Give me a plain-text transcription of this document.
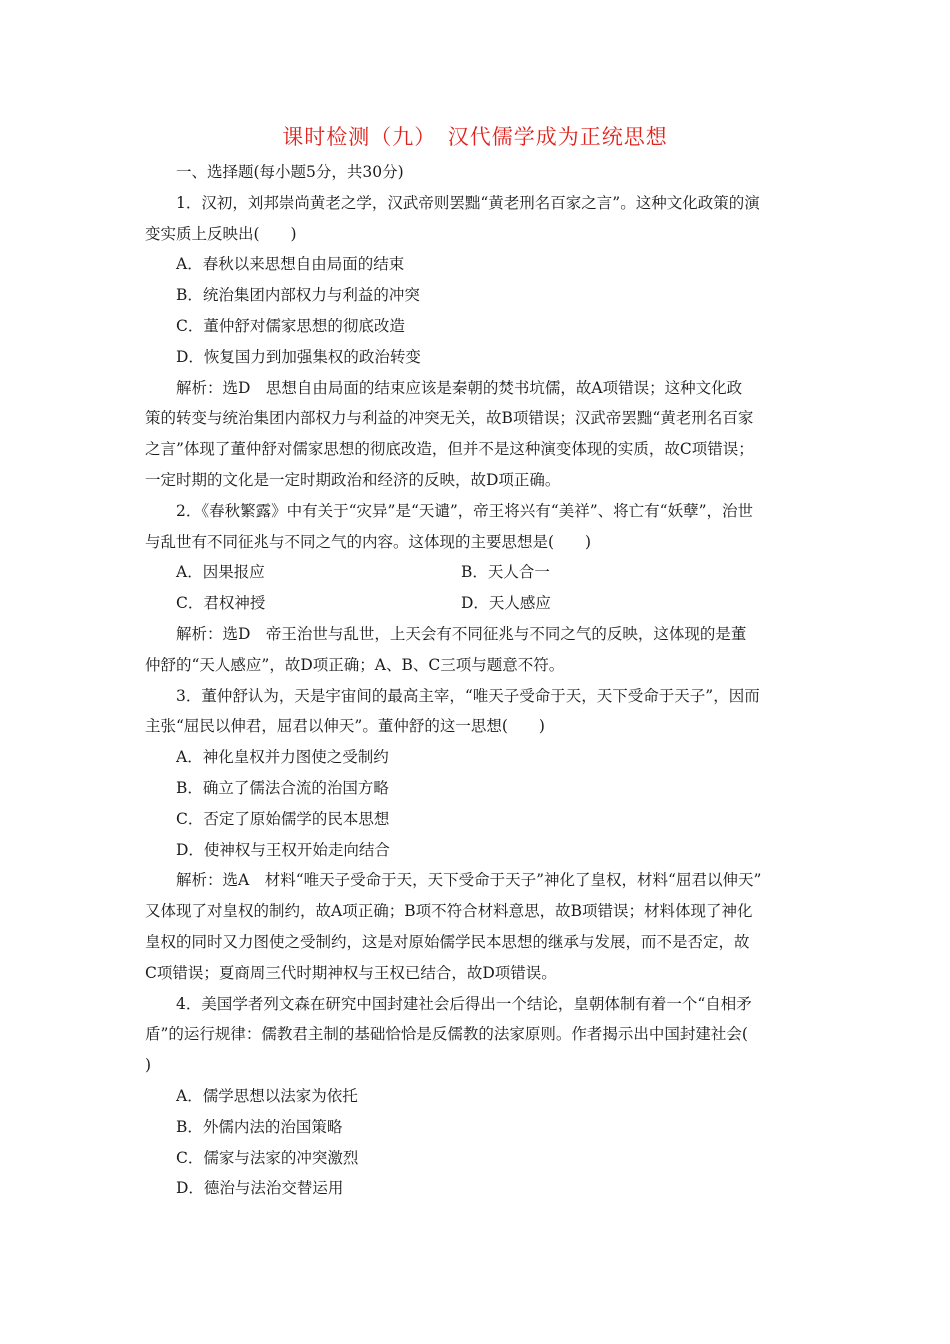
课时检测（九）　汉代儒学成为正统思想

一、选择题(每小题5分，共30分)

1．汉初，刘邦崇尚黄老之学，汉武帝则罢黜“黄老刑名百家之言”。这种文化政策的演

变实质上反映出(　　)

A．春秋以来思想自由局面的结束

B．统治集团内部权力与利益的冲突

C．董仲舒对儒家思想的彻底改造

D．恢复国力到加强集权的政治转变

解析：选D　思想自由局面的结束应该是秦朝的焚书坑儒，故A项错误；这种文化政

策的转变与统治集团内部权力与利益的冲突无关，故B项错误；汉武帝罢黜“黄老刑名百家

之言”体现了董仲舒对儒家思想的彻底改造，但并不是这种演变体现的实质，故C项错误；

一定时期的文化是一定时期政治和经济的反映，故D项正确。

2．《春秋繁露》中有关于“灾异”是“天谴”，帝王将兴有“美祥”、将亡有“妖孽”，治世

与乱世有不同征兆与不同之气的内容。这体现的主要思想是(　　)

A．因果报应	B．天人合一
C．君权神授	D．天人感应

解析：选D　帝王治世与乱世，上天会有不同征兆与不同之气的反映，这体现的是董

仲舒的“天人感应”，故D项正确；A、B、C三项与题意不符。

3．董仲舒认为，天是宇宙间的最高主宰，“唯天子受命于天，天下受命于天子”，因而

主张“屈民以伸君，屈君以伸天”。董仲舒的这一思想(　　)

A．神化皇权并力图使之受制约

B．确立了儒法合流的治国方略

C．否定了原始儒学的民本思想

D．使神权与王权开始走向结合

解析：选A　材料“唯天子受命于天，天下受命于天子”神化了皇权，材料“屈君以伸天”

又体现了对皇权的制约，故A项正确；B项不符合材料意思，故B项错误；材料体现了神化

皇权的同时又力图使之受制约，这是对原始儒学民本思想的继承与发展，而不是否定，故

C项错误；夏商周三代时期神权与王权已结合，故D项错误。

4．美国学者列文森在研究中国封建社会后得出一个结论，皇朝体制有着一个“自相矛

盾”的运行规律：儒教君主制的基础恰恰是反儒教的法家原则。作者揭示出中国封建社会(

)

A．儒学思想以法家为依托

B．外儒内法的治国策略

C．儒家与法家的冲突激烈

D．德治与法治交替运用
